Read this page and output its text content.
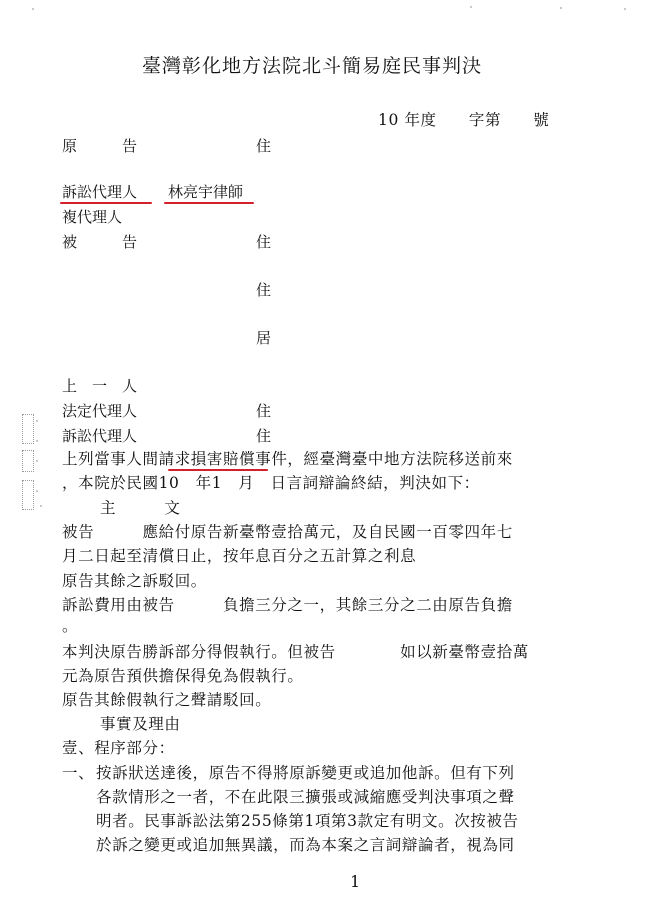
臺灣彰化地方法院北斗簡易庭民事判決
10 年度　　字第　　號
原　　　告	住
訴訟代理人 林亮宇律師
複代理人
被　　　告	住
住
居
上　一　人
法定代理人	住
訴訟代理人	住
上列當事人間請求損害賠償事件，經臺灣臺中地方法院移送前來
，本院於民國10　年1　月　日言詞辯論終結，判決如下：
主　　　文
被告　　　應給付原告新臺幣壹拾萬元，及自民國一百零四年七
月二日起至清償日止，按年息百分之五計算之利息
原告其餘之訴駁回。
訴訟費用由被告　　　負擔三分之一，其餘三分之二由原告負擔
。
本判決原告勝訴部分得假執行。但被告　　　　如以新臺幣壹拾萬
元為原告預供擔保得免為假執行。
原告其餘假執行之聲請駁回。
事實及理由
壹、程序部分：
一、 按訴狀送達後，原告不得將原訴變更或追加他訴。但有下列
各款情形之一者，不在此限三擴張或減縮應受判決事項之聲
明者。民事訴訟法第255條第1項第3款定有明文。次按被告
於訴之變更或追加無異議，而為本案之言詞辯論者，視為同
1
